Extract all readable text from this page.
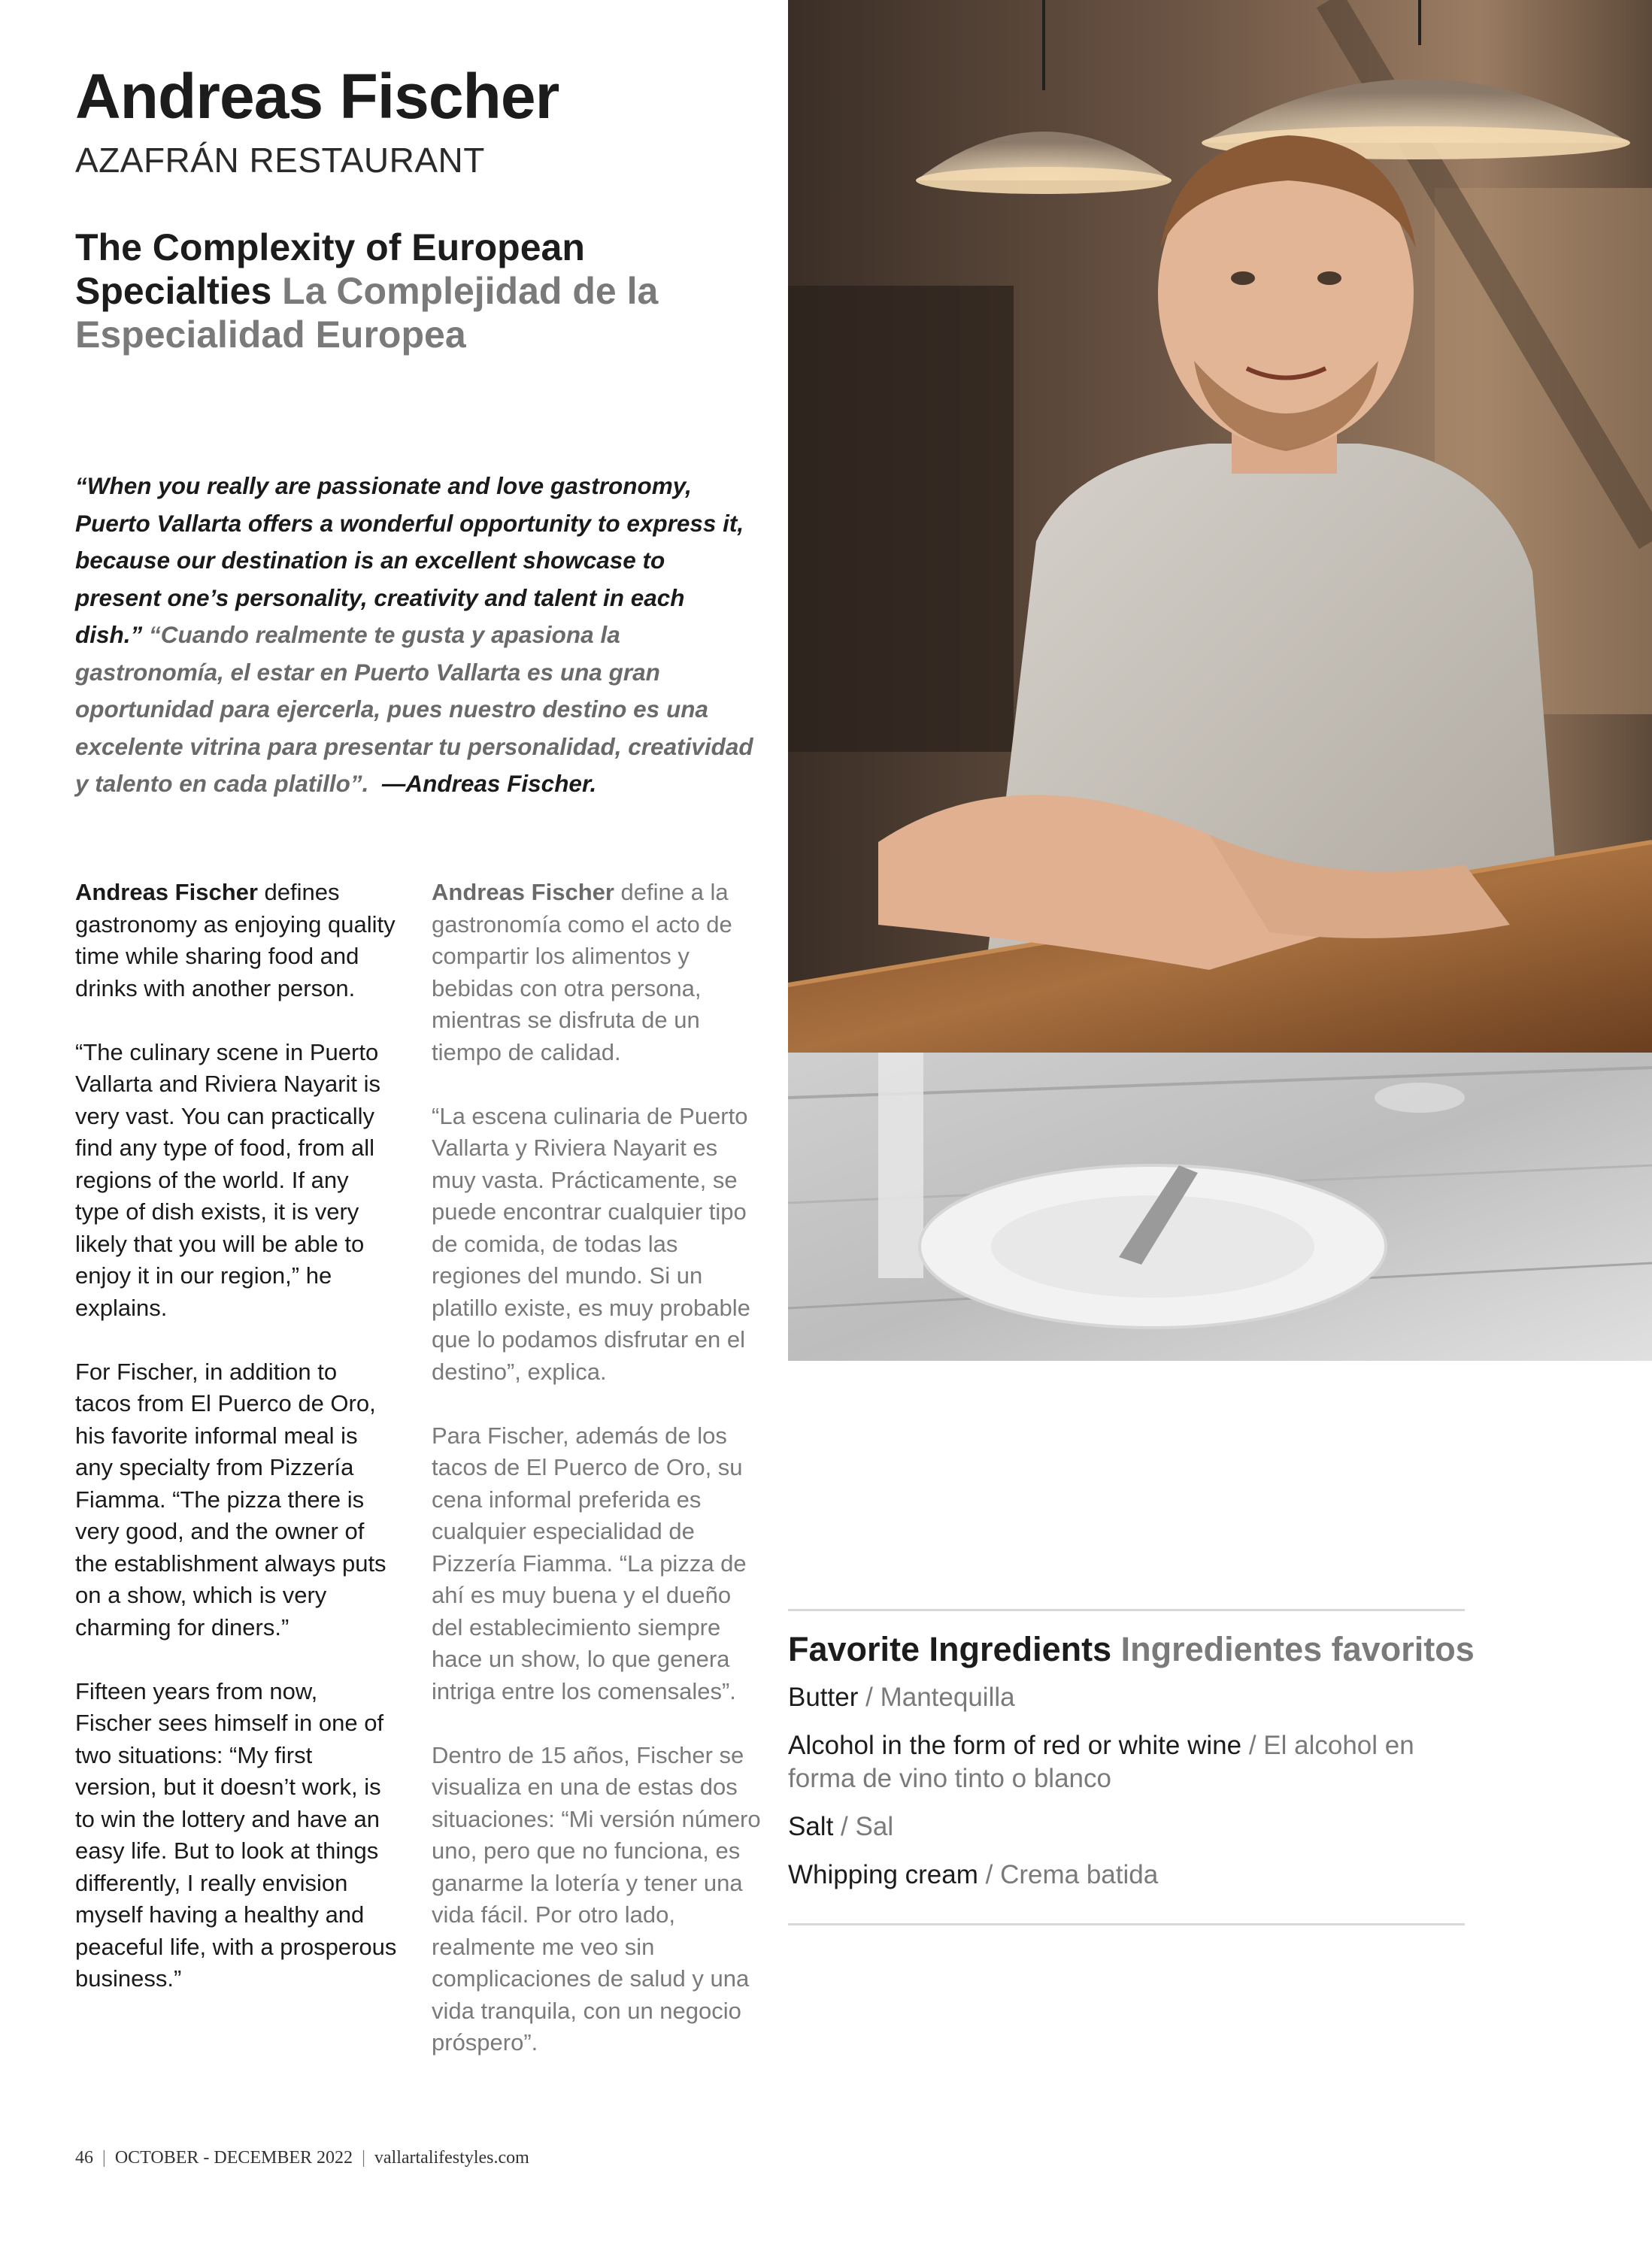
Andreas Fischer
AZAFRÁN RESTAURANT
The Complexity of European Specialties La Complejidad de la Especialidad Europea
“When you really are passionate and love gastronomy, Puerto Vallarta offers a wonderful opportunity to express it, because our destination is an excellent showcase to present one’s personality, creativity and talent in each dish.” “Cuando realmente te gusta y apasiona la gastronomía, el estar en Puerto Vallarta es una gran oportunidad para ejercerla, pues nuestro destino es una excelente vitrina para presentar tu personalidad, creatividad y talento en cada platillo”. —Andreas Fischer.

Andreas Fischer defines gastronomy as enjoying quality time while sharing food and drinks with another person.

“The culinary scene in Puerto Vallarta and Riviera Nayarit is very vast. You can practically find any type of food, from all regions of the world. If any type of dish exists, it is very likely that you will be able to enjoy it in our region,” he explains.

For Fischer, in addition to tacos from El Puerco de Oro, his favorite informal meal is any specialty from Pizzería Fiamma. “The pizza there is very good, and the owner of the establishment always puts on a show, which is very charming for diners.”

Fifteen years from now, Fischer sees himself in one of two situations: “My first version, but it doesn’t work, is to win the lottery and have an easy life. But to look at things differently, I really envision myself having a healthy and peaceful life, with a prosperous business.”

Andreas Fischer define a la gastronomía como el acto de compartir los alimentos y bebidas con otra persona, mientras se disfruta de un tiempo de calidad.

“La escena culinaria de Puerto Vallarta y Riviera Nayarit es muy vasta. Prácticamente, se puede encontrar cualquier tipo de comida, de todas las regiones del mundo. Si un platillo existe, es muy probable que lo podamos disfrutar en el destino”, explica.

Para Fischer, además de los tacos de El Puerco de Oro, su cena informal preferida es cualquier especialidad de Pizzería Fiamma. “La pizza de ahí es muy buena y el dueño del establecimiento siempre hace un show, lo que genera intriga entre los comensales”.

Dentro de 15 años, Fischer se visualiza en una de estas dos situaciones: “Mi versión número uno, pero que no funciona, es ganarme la lotería y tener una vida fácil. Por otro lado, realmente me veo sin complicaciones de salud y una vida tranquila, con un negocio próspero”.

Favorite Ingredients Ingredientes favoritos
Butter / Mantequilla
Alcohol in the form of red or white wine / El alcohol en forma de vino tinto o blanco
Salt / Sal
Whipping cream / Crema batida
46 | OCTOBER - DECEMBER 2022 | vallartalifestyles.com
